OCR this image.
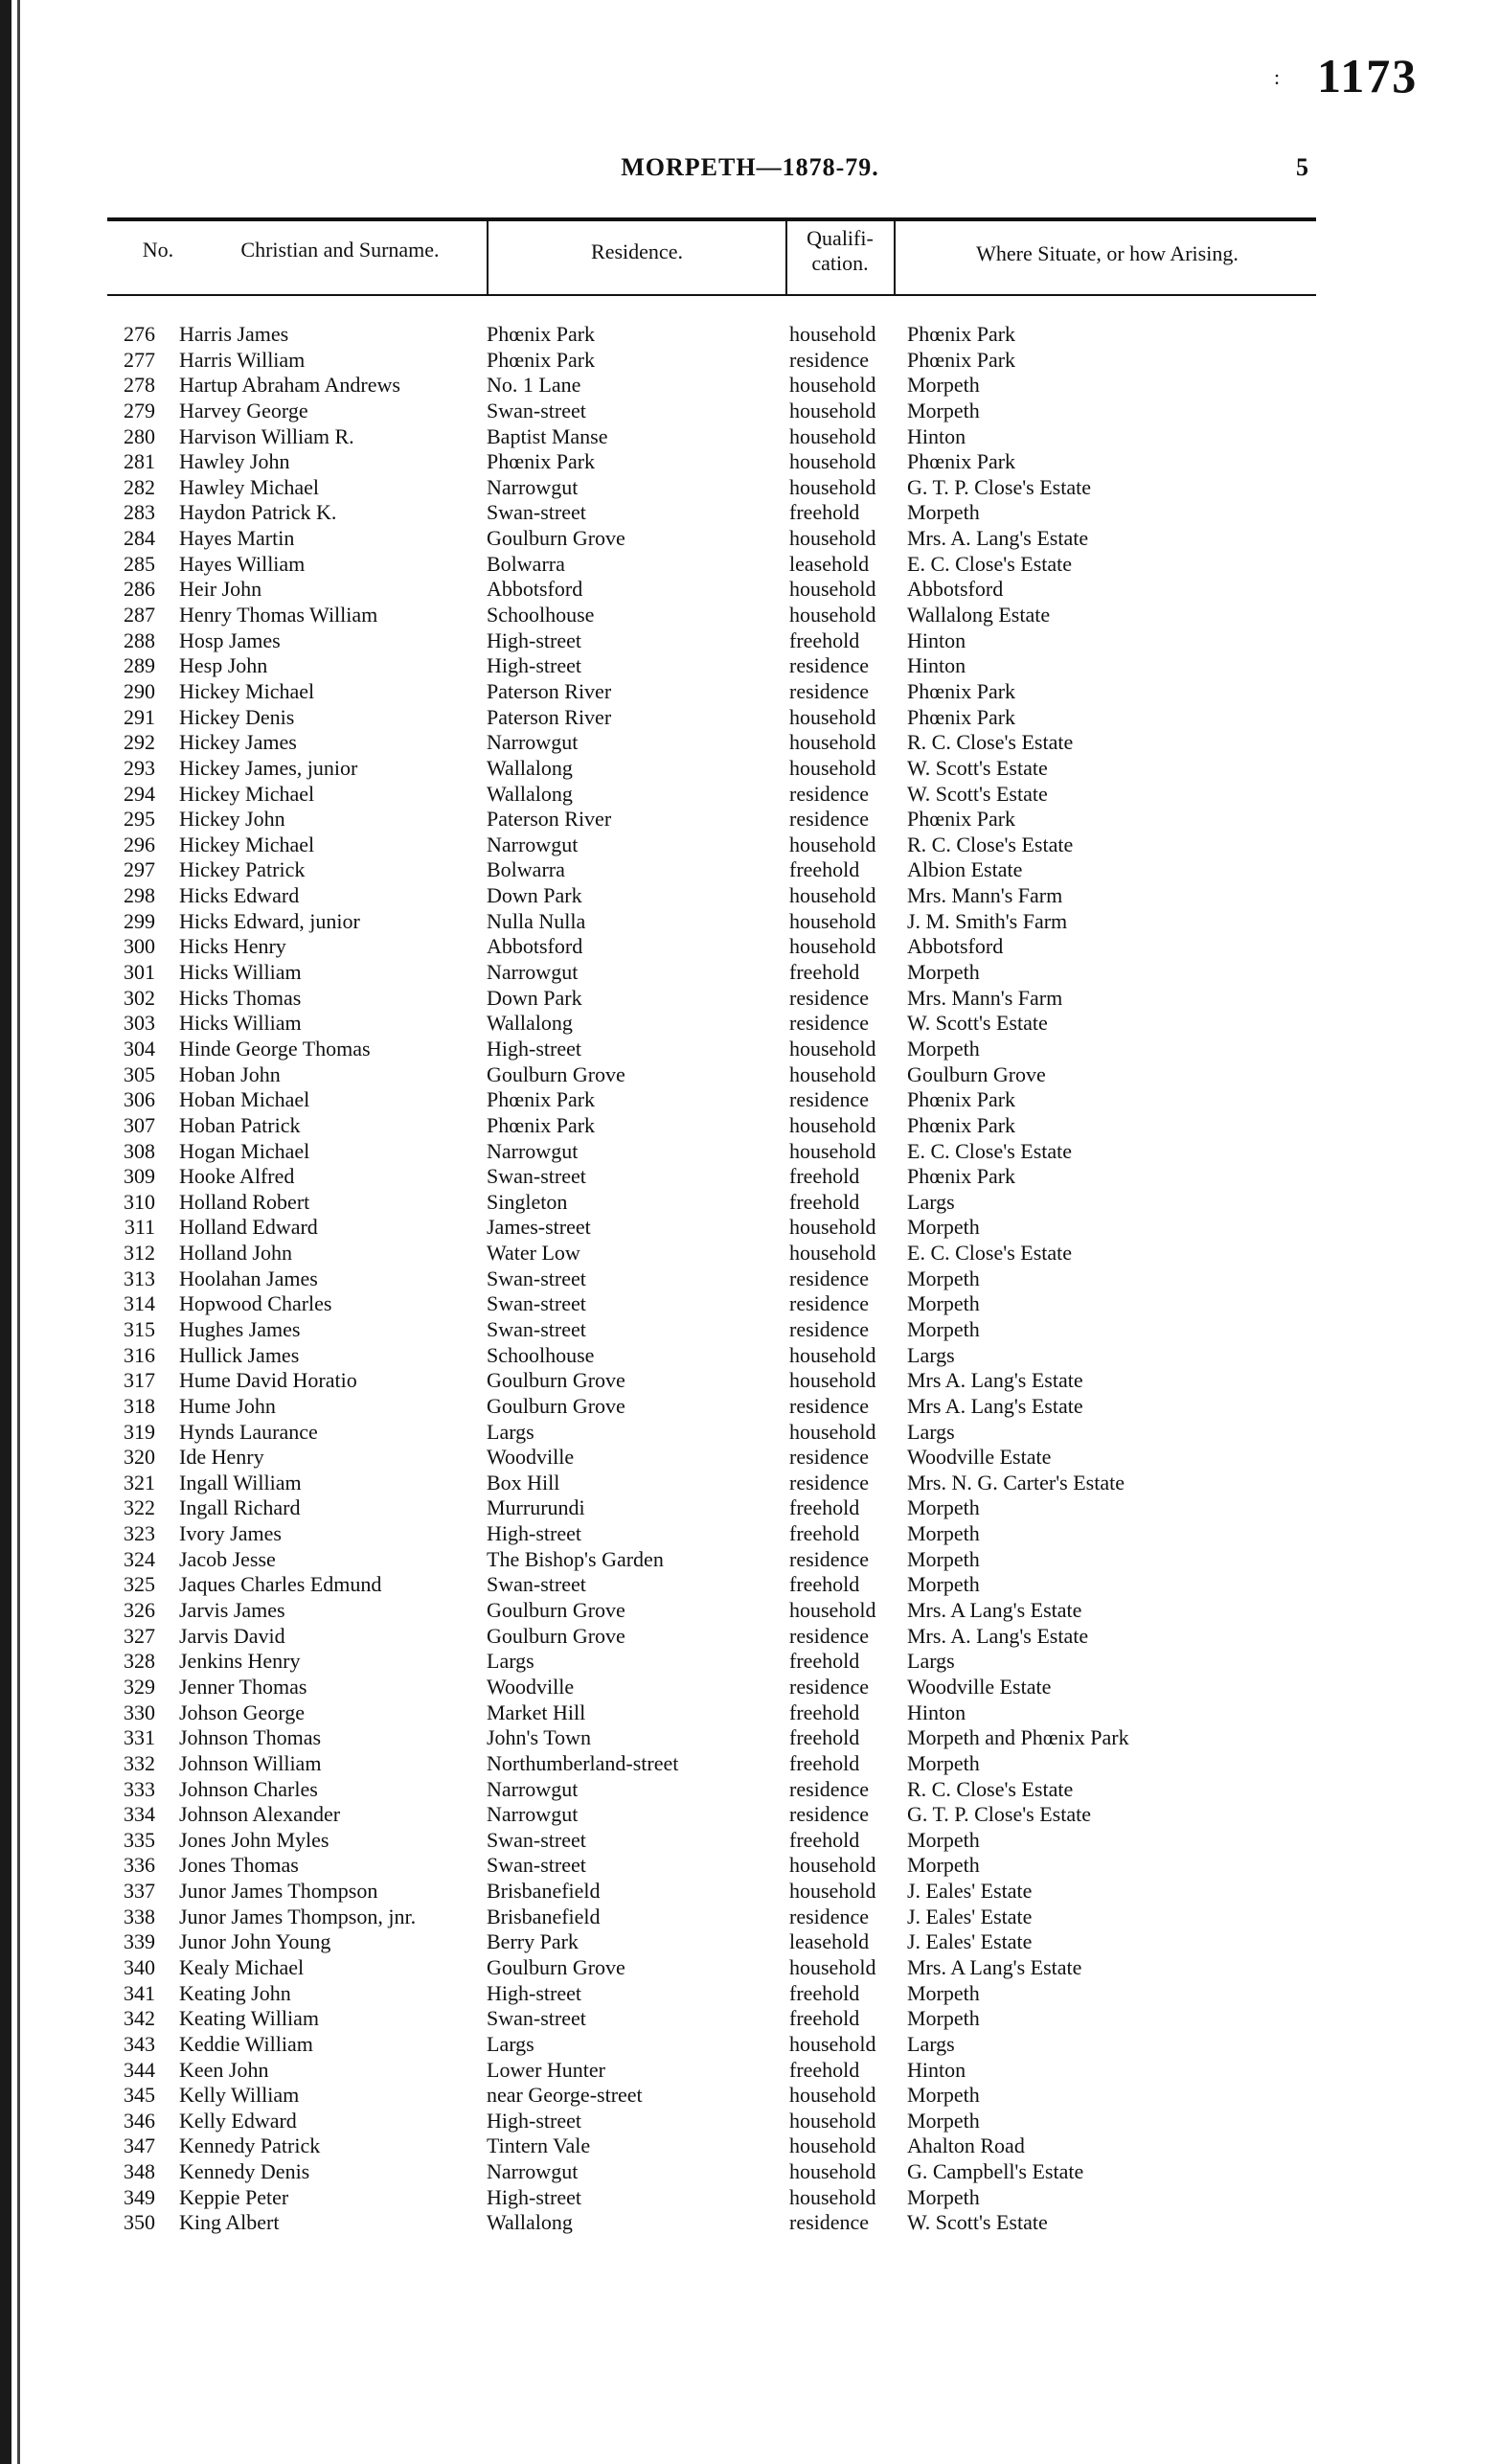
: 1173
MORPETH—1878-79.	5
No.	Christian and Surname.	Residence.
Qualifi-cation.	Where Situate, or how Arising.
276 Harris James	Phœnix Park	household Phœnix Park
277 Harris William	Phœnix Park	residence Phœnix Park
278 Hartup Abraham Andrews	No. 1 Lane	household Morpeth
279 Harvey George	Swan-street	household Morpeth
280 Harvison William R.	Baptist Manse	household Hinton
281 Hawley John	Phœnix Park	household Phœnix Park
282 Hawley Michael	Narrowgut	household G. T. P. Close's Estate
283 Haydon Patrick K.	Swan-street	freehold Morpeth
284 Hayes Martin	Goulburn Grove	household Mrs. A. Lang's Estate
285 Hayes William	Bolwarra	leasehold E. C. Close's Estate
286 Heir John	Abbotsford	household Abbotsford
287 Henry Thomas William	Schoolhouse	household Wallalong Estate
288 Hosp James	High-street	freehold Hinton
289 Hesp John	High-street	residence Hinton
290 Hickey Michael	Paterson River	residence Phœnix Park
291 Hickey Denis	Paterson River	household Phœnix Park
292 Hickey James	Narrowgut	household R. C. Close's Estate
293 Hickey James, junior	Wallalong	household W. Scott's Estate
294 Hickey Michael	Wallalong	residence W. Scott's Estate
295 Hickey John	Paterson River	residence Phœnix Park
296 Hickey Michael	Narrowgut	household R. C. Close's Estate
297 Hickey Patrick	Bolwarra	freehold Albion Estate
298 Hicks Edward	Down Park	household Mrs. Mann's Farm
299 Hicks Edward, junior	Nulla Nulla	household J. M. Smith's Farm
300 Hicks Henry	Abbotsford	household Abbotsford
301 Hicks William	Narrowgut	freehold Morpeth
302 Hicks Thomas	Down Park	residence Mrs. Mann's Farm
303 Hicks William	Wallalong	residence W. Scott's Estate
304 Hinde George Thomas	High-street	household Morpeth
305 Hoban John	Goulburn Grove	household Goulburn Grove
306 Hoban Michael	Phœnix Park	residence Phœnix Park
307 Hoban Patrick	Phœnix Park	household Phœnix Park
308 Hogan Michael	Narrowgut	household E. C. Close's Estate
309 Hooke Alfred	Swan-street	freehold Phœnix Park
310 Holland Robert	Singleton	freehold Largs
311 Holland Edward	James-street	household Morpeth
312 Holland John	Water Low	household E. C. Close's Estate
313 Hoolahan James	Swan-street	residence Morpeth
314 Hopwood Charles	Swan-street	residence Morpeth
315 Hughes James	Swan-street	residence Morpeth
316 Hullick James	Schoolhouse	household Largs
317 Hume David Horatio	Goulburn Grove	household Mrs A. Lang's Estate
318 Hume John	Goulburn Grove	residence Mrs A. Lang's Estate
319 Hynds Laurance	Largs	household Largs
320 Ide Henry	Woodville	residence Woodville Estate
321 Ingall William	Box Hill	residence Mrs. N. G. Carter's Estate
322 Ingall Richard	Murrurundi	freehold Morpeth
323 Ivory James	High-street	freehold Morpeth
324 Jacob Jesse	The Bishop's Garden	residence Morpeth
325 Jaques Charles Edmund	Swan-street	freehold Morpeth
326 Jarvis James	Goulburn Grove	household Mrs. A Lang's Estate
327 Jarvis David	Goulburn Grove	residence Mrs. A. Lang's Estate
328 Jenkins Henry	Largs	freehold Largs
329 Jenner Thomas	Woodville	residence Woodville Estate
330 Johson George	Market Hill	freehold Hinton
331 Johnson Thomas	John's Town	freehold Morpeth and Phœnix Park
332 Johnson William	Northumberland-street	freehold Morpeth
333 Johnson Charles	Narrowgut	residence R. C. Close's Estate
334 Johnson Alexander	Narrowgut	residence G. T. P. Close's Estate
335 Jones John Myles	Swan-street	freehold Morpeth
336 Jones Thomas	Swan-street	household Morpeth
337 Junor James Thompson	Brisbanefield	household J. Eales' Estate
338 Junor James Thompson, jnr.	Brisbanefield	residence J. Eales' Estate
339 Junor John Young	Berry Park	leasehold J. Eales' Estate
340 Kealy Michael	Goulburn Grove	household Mrs. A Lang's Estate
341 Keating John	High-street	freehold Morpeth
342 Keating William	Swan-street	freehold Morpeth
343 Keddie William	Largs	household Largs
344 Keen John	Lower Hunter	freehold Hinton
345 Kelly William	near George-street	household Morpeth
346 Kelly Edward	High-street	household Morpeth
347 Kennedy Patrick	Tintern Vale	household Ahalton Road
348 Kennedy Denis	Narrowgut	household G. Campbell's Estate
349 Keppie Peter	High-street	household Morpeth
350 King Albert	Wallalong	residence W. Scott's Estate
